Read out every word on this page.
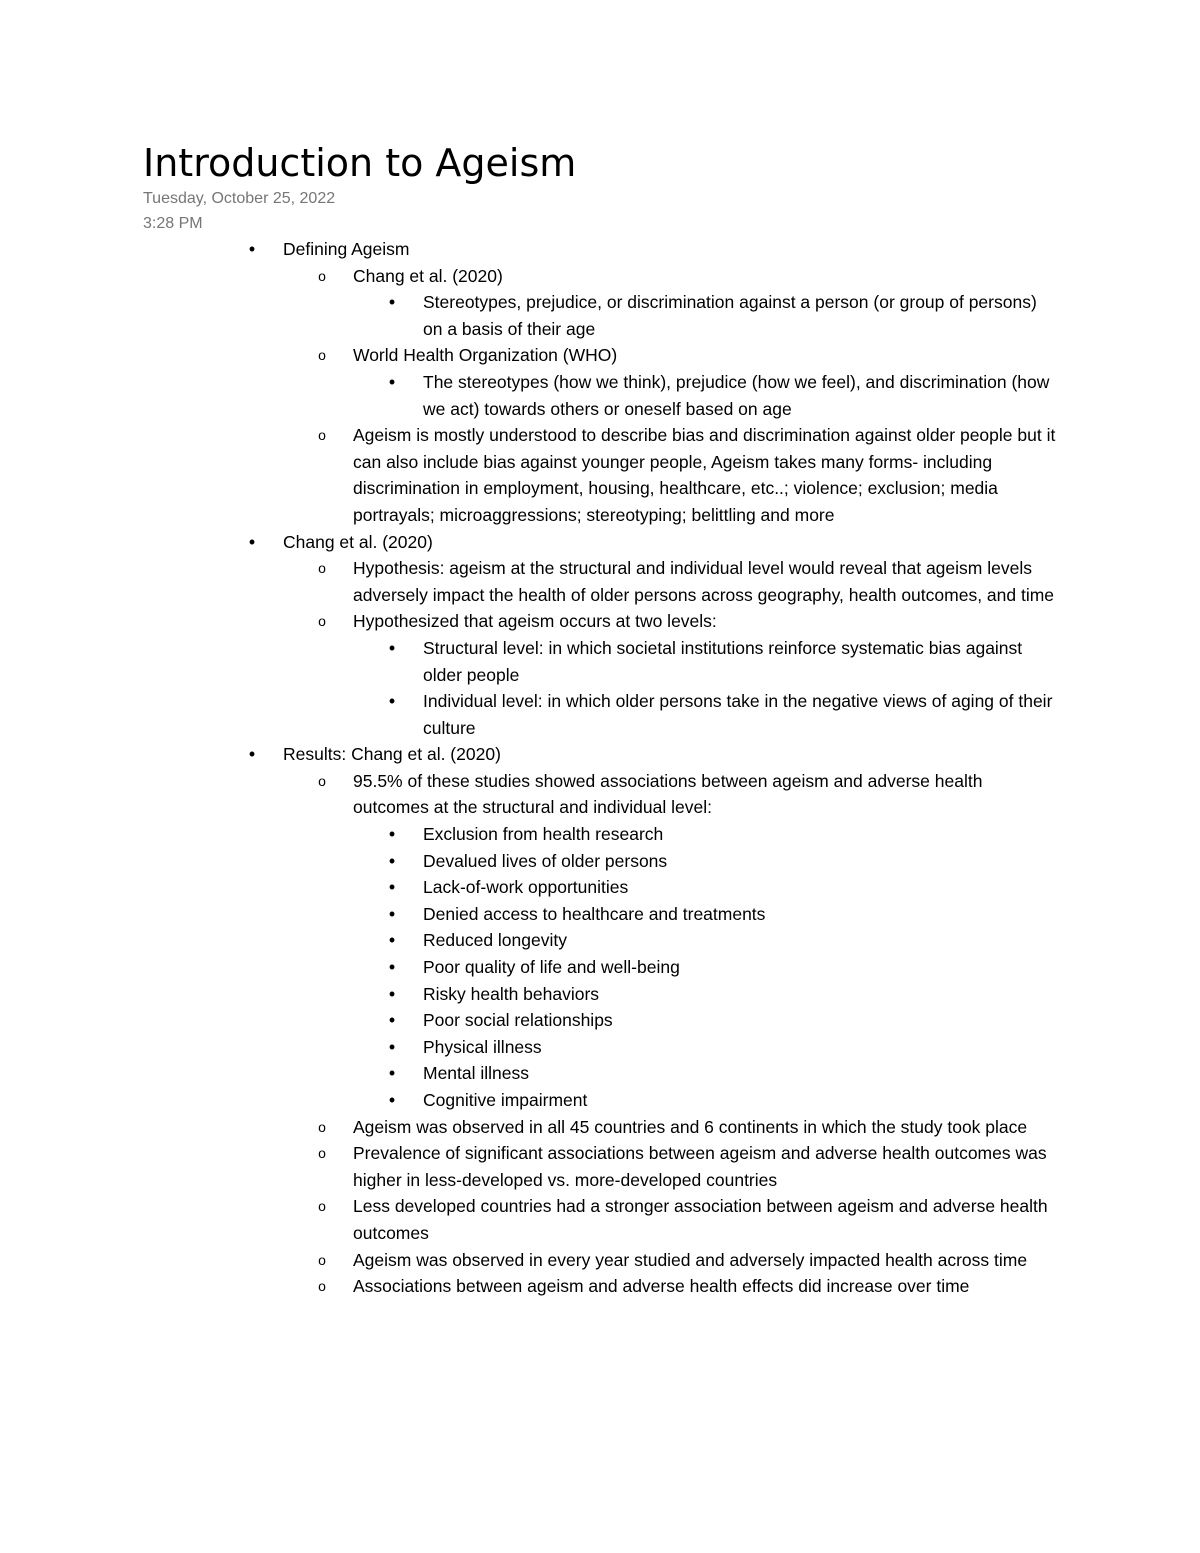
Introduction to Ageism
Tuesday, October 25, 2022
3:28 PM
•	Defining Ageism
o	Chang et al. (2020)
•	Stereotypes, prejudice, or discrimination against a person (or group of persons) on a basis of their age
o	World Health Organization (WHO)
•	The stereotypes (how we think), prejudice (how we feel), and discrimination (how we act) towards others or oneself based on age
o	Ageism is mostly understood to describe bias and discrimination against older people but it can also include bias against younger people, Ageism takes many forms- including discrimination in employment, housing, healthcare, etc..; violence; exclusion; media portrayals; microaggressions; stereotyping; belittling and more
•	Chang et al. (2020)
o	Hypothesis: ageism at the structural and individual level would reveal that ageism levels adversely impact the health of older persons across geography, health outcomes, and time
o	Hypothesized that ageism occurs at two levels:
•	Structural level: in which societal institutions reinforce systematic bias against older people
•	Individual level: in which older persons take in the negative views of aging of their culture
•	Results: Chang et al. (2020)
o	95.5% of these studies showed associations between ageism and adverse health outcomes at the structural and individual level:
•	Exclusion from health research
•	Devalued lives of older persons
•	Lack-of-work opportunities
•	Denied access to healthcare and treatments
•	Reduced longevity
•	Poor quality of life and well-being
•	Risky health behaviors
•	Poor social relationships
•	Physical illness
•	Mental illness
•	Cognitive impairment
o	Ageism was observed in all 45 countries and 6 continents in which the study took place
o	Prevalence of significant associations between ageism and adverse health outcomes was higher in less-developed vs. more-developed countries
o	Less developed countries had a stronger association between ageism and adverse health outcomes
o	Ageism was observed in every year studied and adversely impacted health across time
o	Associations between ageism and adverse health effects did increase over time
